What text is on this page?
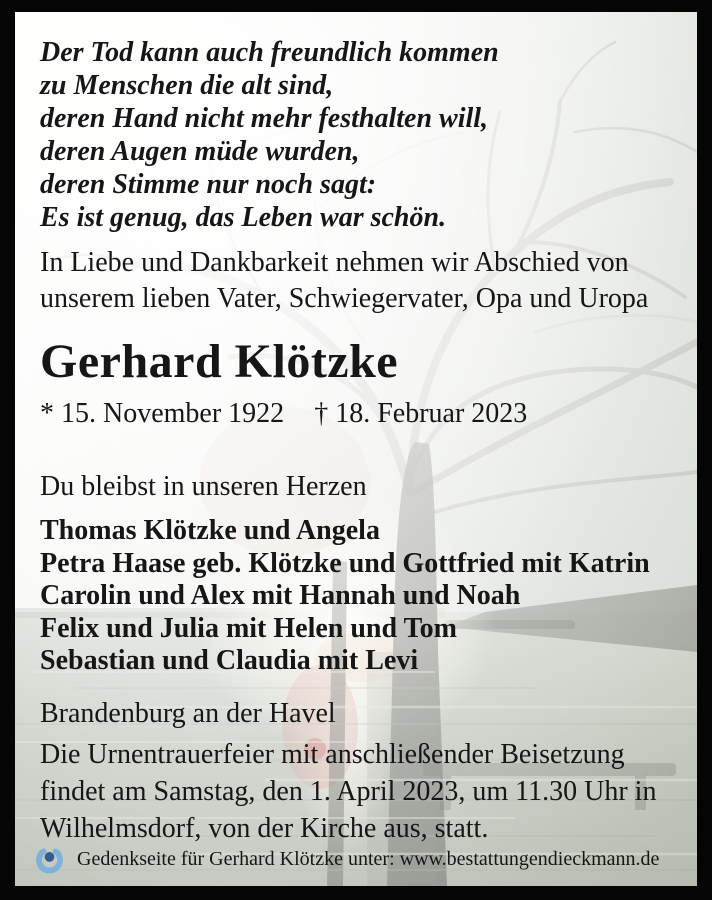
Der Tod kann auch freundlich kommen
zu Menschen die alt sind,
deren Hand nicht mehr festhalten will,
deren Augen müde wurden,
deren Stimme nur noch sagt:
Es ist genug, das Leben war schön.
In Liebe und Dankbarkeit nehmen wir Abschied von
unserem lieben Vater, Schwiegervater, Opa und Uropa
Gerhard Klötzke
* 15. November 1922 † 18. Februar 2023
Du bleibst in unseren Herzen
Thomas Klötzke und Angela
Petra Haase geb. Klötzke und Gottfried mit Katrin
Carolin und Alex mit Hannah und Noah
Felix und Julia mit Helen und Tom
Sebastian und Claudia mit Levi
Brandenburg an der Havel
Die Urnentrauerfeier mit anschließender Beisetzung
findet am Samstag, den 1. April 2023, um 11.30 Uhr in
Wilhelmsdorf, von der Kirche aus, statt.
Gedenkseite für Gerhard Klötzke unter: www.bestattungendieckmann.de
